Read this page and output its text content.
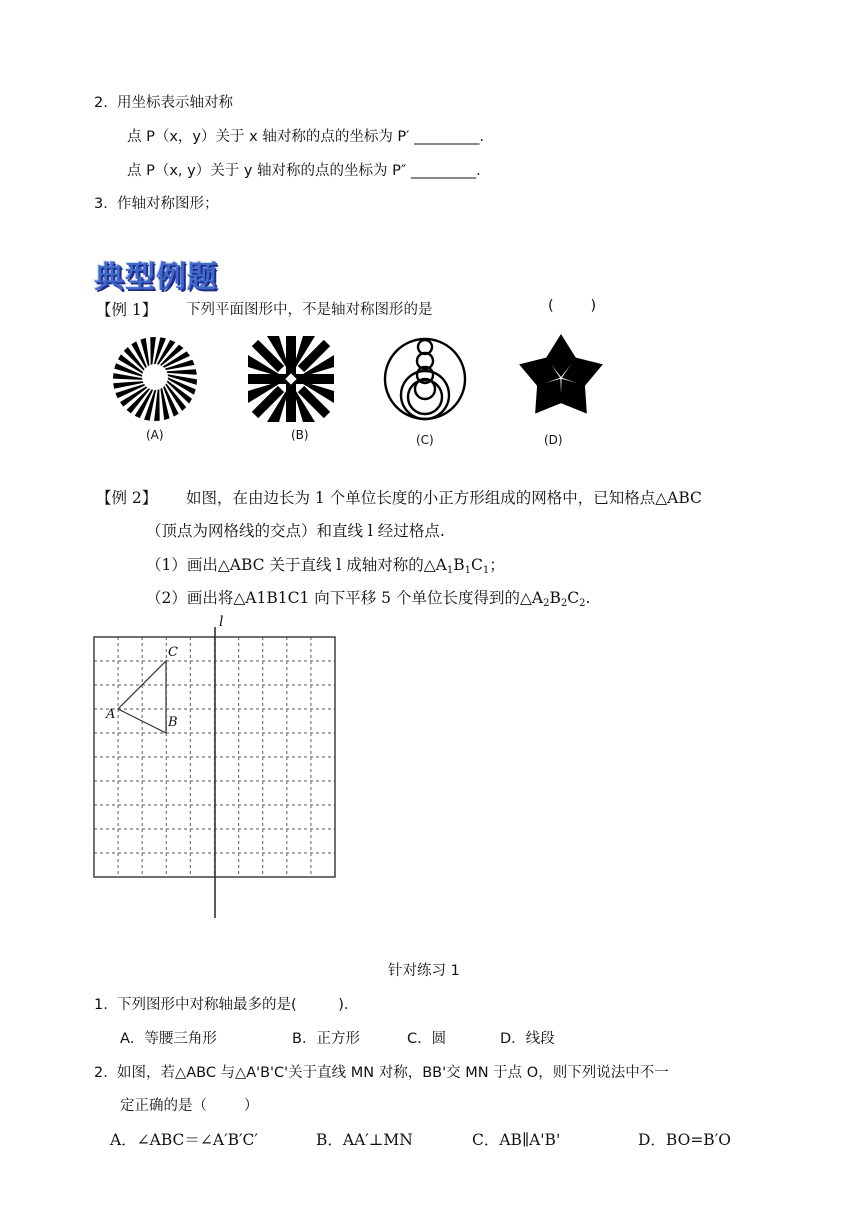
2.  用坐标表示轴对称
点 P（x，y）关于 x 轴对称的点的坐标为 P′ _________.
点 P（x, y）关于 y 轴对称的点的坐标为 P″ _________.
3.  作轴对称图形；
典型例题
【例 1】 下列平面图形中，不是轴对称图形的是	(        )
(A)	(B)	(C)	(D)
【例 2】 如图，在由边长为 1 个单位长度的小正方形组成的网格中，已知格点△ABC
（顶点为网格线的交点）和直线 l 经过格点.
（1）画出△ABC 关于直线 l 成轴对称的$\triangle A_1B_1C_1$；
（2）画出将△A1B1C1 向下平移 5 个单位长度得到的$\triangle A_2B_2C_2$.
l
C
A
B
针对练习 1
1.  下列图形中对称轴最多的是(         )．
A．等腰三角形	B．正方形	C．圆	D．线段
2.  如图，若△ABC 与△A'B'C'关于直线 MN 对称，BB'交 MN 于点 O，则下列说法中不一
定正确的是（        ）
A．∠ABC＝∠A′B′C′	B．AA′⊥MN	C．AB∥A'B'	D．BO=B′O
